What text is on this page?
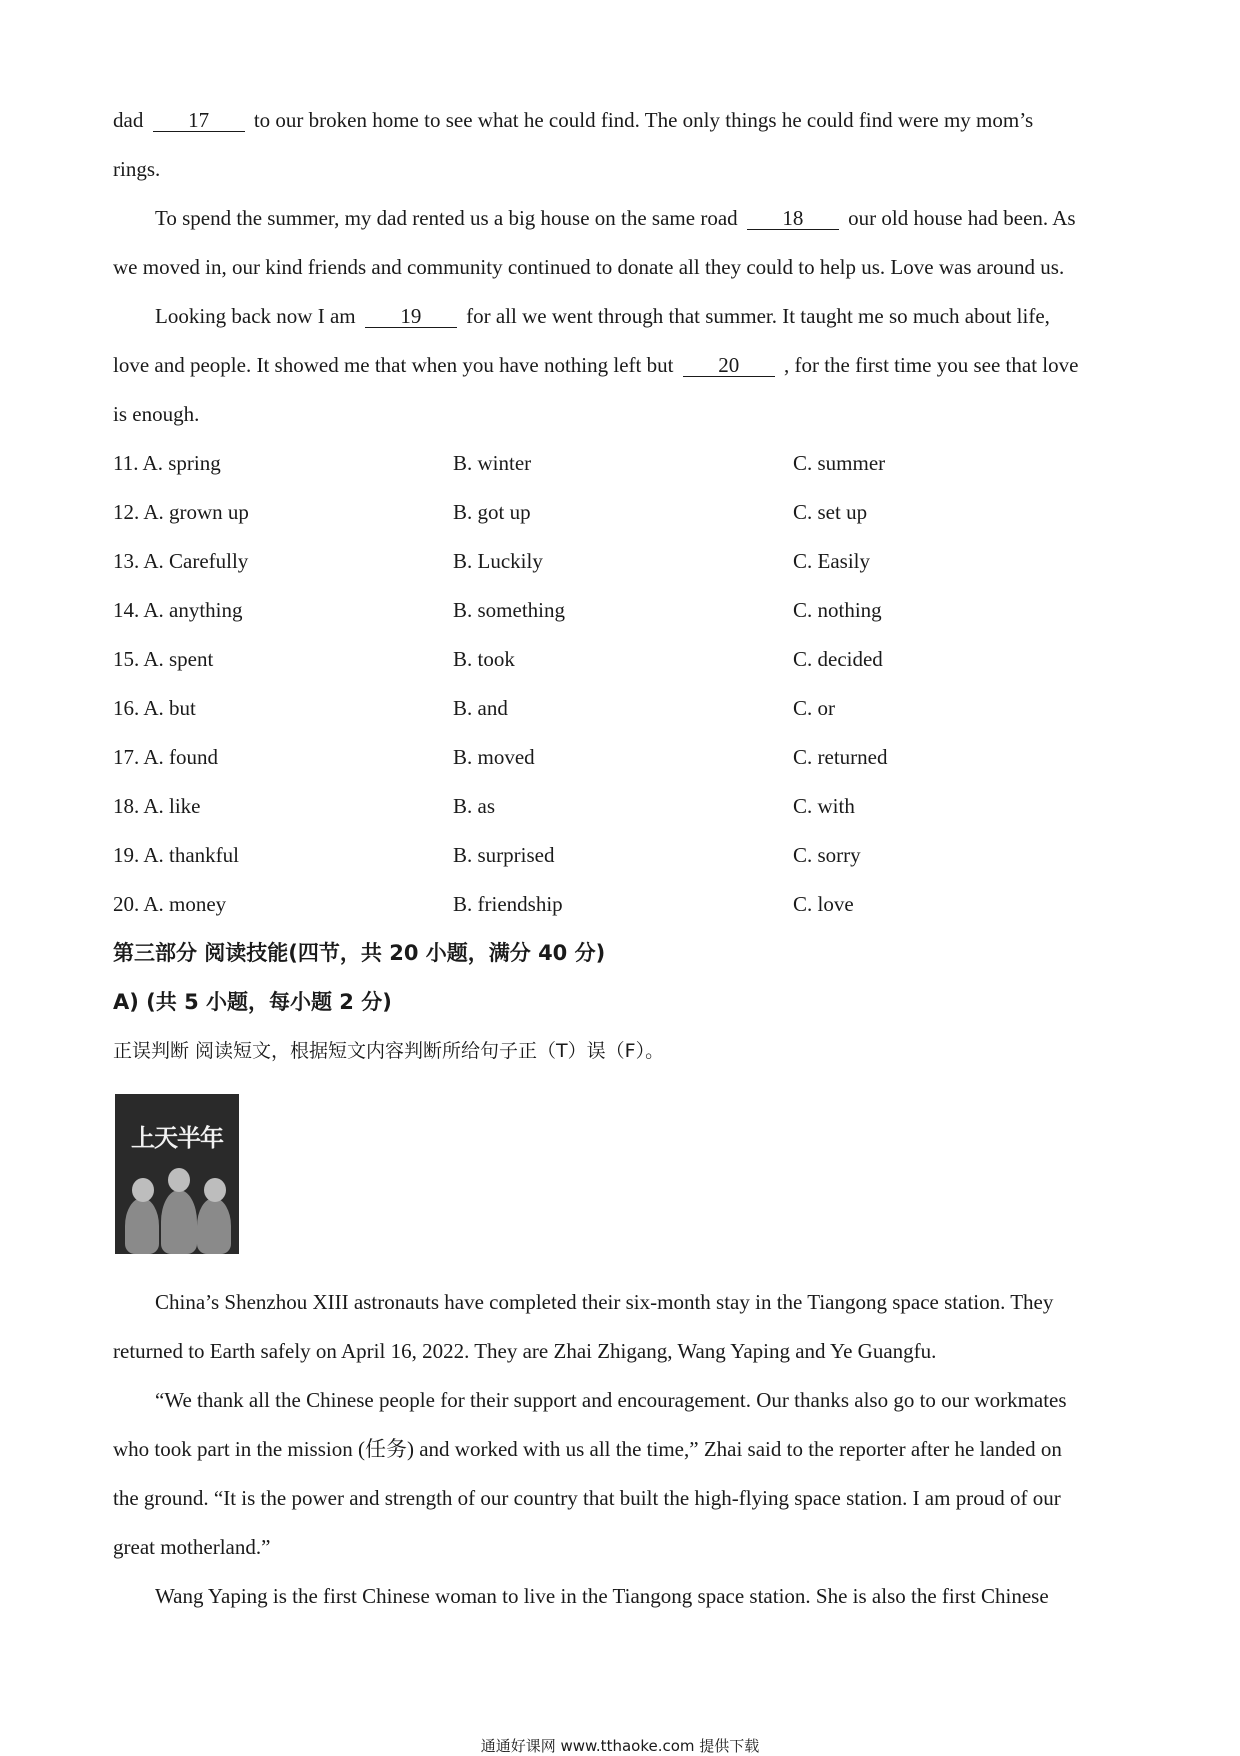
dad 17 to our broken home to see what he could find. The only things he could find were my mom’s
rings.
To spend the summer, my dad rented us a big house on the same road 18 our old house had been. As
we moved in, our kind friends and community continued to donate all they could to help us. Love was around us.
Looking back now I am 19 for all we went through that summer. It taught me so much about life,
love and people. It showed me that when you have nothing left but 20 , for the first time you see that love
is enough.
11. A. spring	B. winter	C. summer
12. A. grown up	B. got up	C. set up
13. A. Carefully	B. Luckily	C. Easily
14. A. anything	B. something	C. nothing
15. A. spent	B. took	C. decided
16. A. but	B. and	C. or
17. A. found	B. moved	C. returned
18. A. like	B. as	C. with
19. A. thankful	B. surprised	C. sorry
20. A. money	B. friendship	C. love
第三部分 阅读技能(四节，共 20 小题，满分 40 分)
A) (共 5 小题，每小题 2 分)
正误判断 阅读短文，根据短文内容判断所给句子正（T）误（F）。
上天半年
China’s Shenzhou XIII astronauts have completed their six-month stay in the Tiangong space station. They
returned to Earth safely on April 16, 2022. They are Zhai Zhigang, Wang Yaping and Ye Guangfu.
“We thank all the Chinese people for their support and encouragement. Our thanks also go to our workmates
who took part in the mission (任务) and worked with us all the time,” Zhai said to the reporter after he landed on
the ground. “It is the power and strength of our country that built the high-flying space station. I am proud of our
great motherland.”
Wang Yaping is the first Chinese woman to live in the Tiangong space station. She is also the first Chinese
通通好课网 www.tthaoke.com 提供下载
